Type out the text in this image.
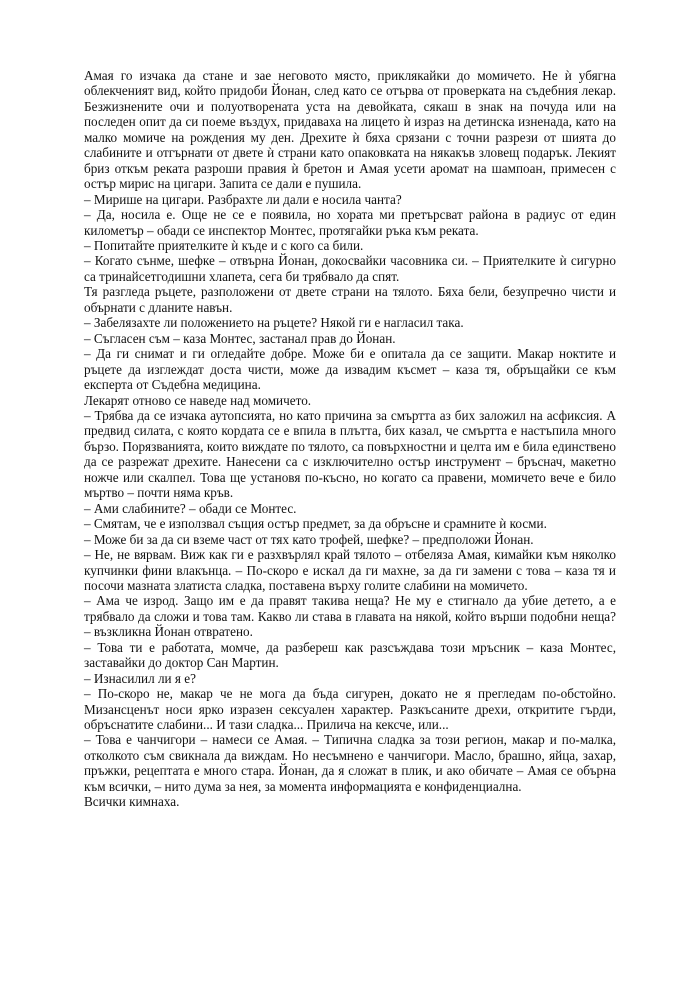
Амая го изчака да стане и зае неговото място, приклякайки до момичето. Не ѝ убягна облекченият вид, който придоби Йонан, след като се отърва от проверката на съдебния лекар. Безжизнените очи и полуотворената уста на девойката, сякаш в знак на почуда или на последен опит да си поеме въздух, придаваха на лицето ѝ израз на детинска изненада, като на малко момиче на рождения му ден. Дрехите ѝ бяха срязани с точни разрези от шията до слабините и отгърнати от двете ѝ страни като опаковката на някакъв зловещ подарък. Лекият бриз откъм реката разроши правия ѝ бретон и Амая усети аромат на шампоан, примесен с остър мирис на цигари. Запита се дали е пушила.

– Мирише на цигари. Разбрахте ли дали е носила чанта?

– Да, носила е. Още не се е появила, но хората ми претърсват района в радиус от един километър – обади се инспектор Монтес, протягайки ръка към реката.

– Попитайте приятелките ѝ къде и с кого са били.

– Когато сънме, шефке – отвърна Йонан, докосвайки часовника си. – Приятелките ѝ сигурно са тринайсетгодишни хлапета, сега би трябвало да спят.

Тя разгледа ръцете, разположени от двете страни на тялото. Бяха бели, безупречно чисти и обърнати с дланите навън.

– Забелязахте ли положението на ръцете? Някой ги е нагласил така.

– Съгласен съм – каза Монтес, застанал прав до Йонан.

– Да ги снимат и ги огледайте добре. Може би е опитала да се защити. Макар ноктите и ръцете да изглеждат доста чисти, може да извадим късмет – каза тя, обръщайки се към експерта от Съдебна медицина.

Лекарят отново се наведе над момичето.

– Трябва да се изчака аутопсията, но като причина за смъртта аз бих заложил на асфиксия. А предвид силата, с която кордата се е впила в плътта, бих казал, че смъртта е настъпила много бързо. Порязванията, които виждате по тялото, са повърхностни и целта им е била единствено да се разрежат дрехите. Нанесени са с изключително остър инструмент – бръснач, макетно ножче или скалпел. Това ще установя по-късно, но когато са правени, момичето вече е било мъртво – почти няма кръв.

– Ами слабините? – обади се Монтес.

– Смятам, че е използвал същия остър предмет, за да обръсне и срамните ѝ косми.

– Може би за да си вземе част от тях като трофей, шефке? – предположи Йонан.

– Не, не вярвам. Виж как ги е разхвърлял край тялото – отбеляза Амая, кимайки към няколко купчинки фини влакънца. – По-скоро е искал да ги махне, за да ги замени с това – каза тя и посочи мазната златиста сладка, поставена върху голите слабини на момичето.

– Ама че изрод. Защо им е да правят такива неща? Не му е стигнало да убие детето, а е трябвало да сложи и това там. Какво ли става в главата на някой, който върши подобни неща? – възкликна Йонан отвратено.

– Това ти е работата, момче, да разбереш как разсъждава този мръсник – каза Монтес, заставайки до доктор Сан Мартин.

– Изнасилил ли я е?

– По-скоро не, макар че не мога да бъда сигурен, докато не я прегледам по-обстойно. Мизансценът носи ярко изразен сексуален характер. Разкъсаните дрехи, откритите гърди, обръснатите слабини... И тази сладка... Прилича на кексче, или...

– Това е чанчигори – намеси се Амая. – Типична сладка за този регион, макар и по-малка, отколкото съм свикнала да виждам. Но несъмнено е чанчигори. Масло, брашно, яйца, захар, пръжки, рецептата е много стара. Йонан, да я сложат в плик, и ако обичате – Амая се обърна към всички, – нито дума за нея, за момента информацията е конфиденциална.

Всички кимнаха.
